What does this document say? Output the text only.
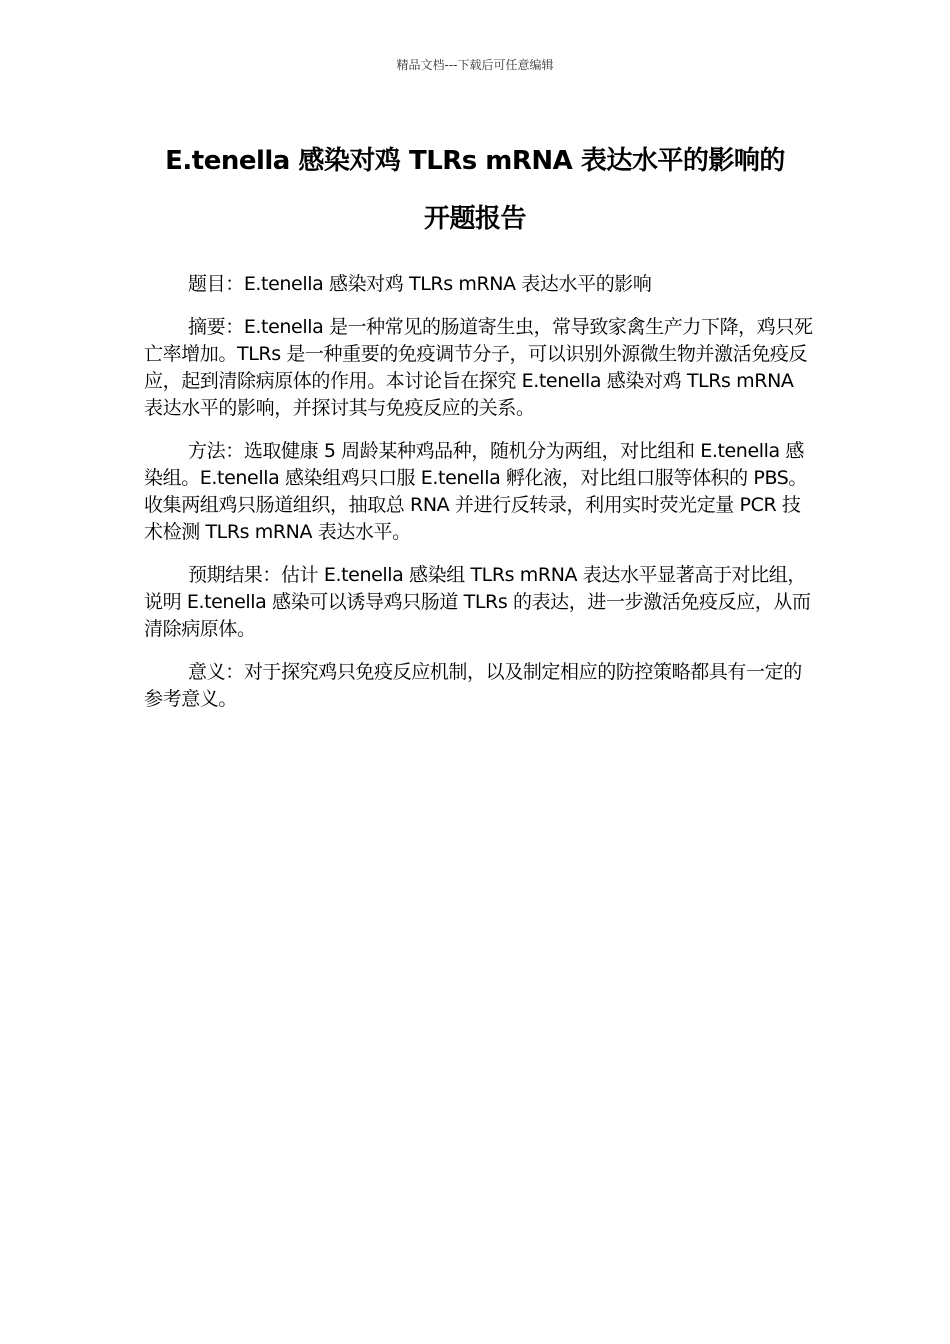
精品文档---下载后可任意编辑
E.tenella 感染对鸡 TLRs mRNA 表达水平的影响的
开题报告

题目：E.tenella 感染对鸡 TLRs mRNA 表达水平的影响

摘要：E.tenella 是一种常见的肠道寄生虫，常导致家禽生产力下降，鸡只死亡率增加。TLRs 是一种重要的免疫调节分子，可以识别外源微生物并激活免疫反应，起到清除病原体的作用。本讨论旨在探究 E.tenella 感染对鸡 TLRs mRNA 表达水平的影响，并探讨其与免疫反应的关系。

方法：选取健康 5 周龄某种鸡品种，随机分为两组，对比组和 E.tenella 感染组。E.tenella 感染组鸡只口服 E.tenella 孵化液，对比组口服等体积的 PBS。收集两组鸡只肠道组织，抽取总 RNA 并进行反转录，利用实时荧光定量 PCR 技术检测 TLRs mRNA 表达水平。

预期结果：估计 E.tenella 感染组 TLRs mRNA 表达水平显著高于对比组，说明 E.tenella 感染可以诱导鸡只肠道 TLRs 的表达，进一步激活免疫反应，从而清除病原体。

意义：对于探究鸡只免疫反应机制，以及制定相应的防控策略都具有一定的参考意义。
